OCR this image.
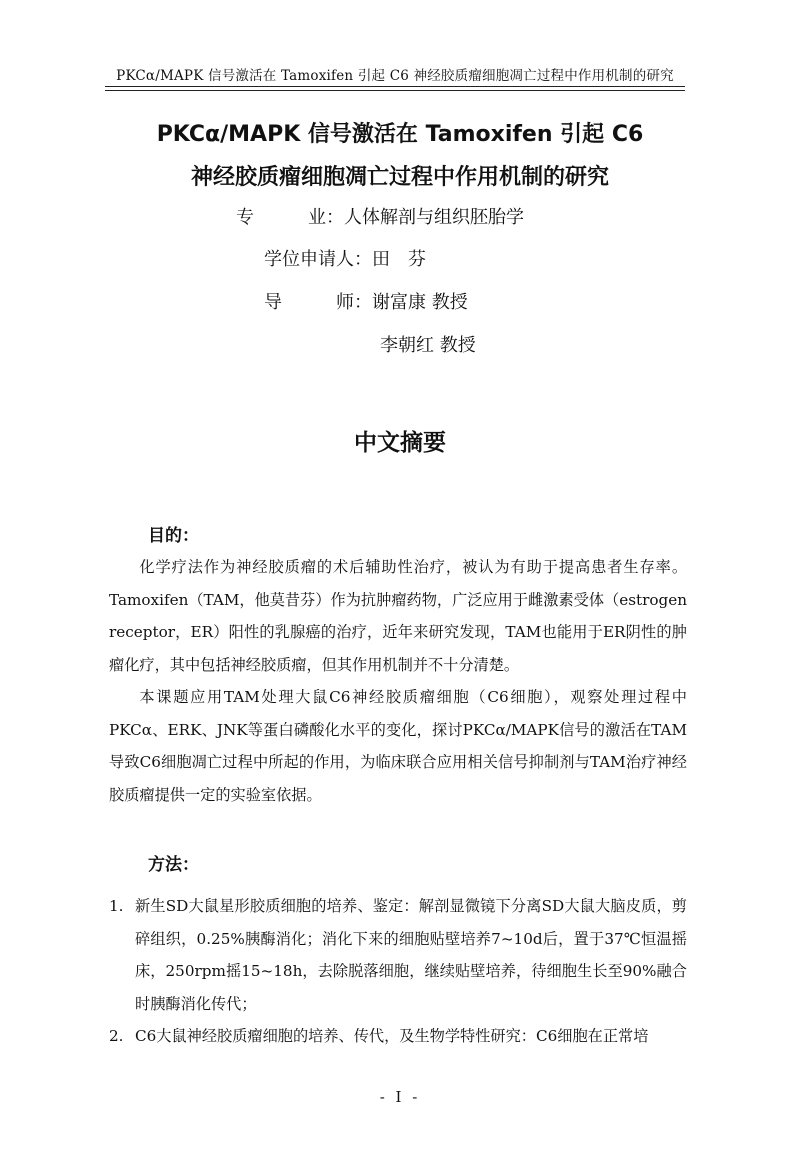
PKCα/MAPK 信号激活在 Tamoxifen 引起 C6 神经胶质瘤细胞凋亡过程中作用机制的研究
PKCα/MAPK 信号激活在 Tamoxifen 引起 C6
神经胶质瘤细胞凋亡过程中作用机制的研究
专　　　业：人体解剖与组织胚胎学
学位申请人：田　芬
导　　　师：谢富康 教授
李朝红 教授
中文摘要
目的：

化学疗法作为神经胶质瘤的术后辅助性治疗，被认为有助于提高患者生存率。Tamoxifen（TAM，他莫昔芬）作为抗肿瘤药物，广泛应用于雌激素受体（estrogen receptor，ER）阳性的乳腺癌的治疗，近年来研究发现，TAM也能用于ER阴性的肿瘤化疗，其中包括神经胶质瘤，但其作用机制并不十分清楚。

本课题应用TAM处理大鼠C6神经胶质瘤细胞（C6细胞），观察处理过程中PKCα、ERK、JNK等蛋白磷酸化水平的变化，探讨PKCα/MAPK信号的激活在TAM导致C6细胞凋亡过程中所起的作用，为临床联合应用相关信号抑制剂与TAM治疗神经胶质瘤提供一定的实验室依据。

方法：
1. 新生SD大鼠星形胶质细胞的培养、鉴定：解剖显微镜下分离SD大鼠大脑皮质，剪碎组织，0.25%胰酶消化；消化下来的细胞贴壁培养7~10d后，置于37℃恒温摇床，250rpm摇15~18h，去除脱落细胞，继续贴壁培养，待细胞生长至90%融合时胰酶消化传代；
2. C6大鼠神经胶质瘤细胞的培养、传代，及生物学特性研究：C6细胞在正常培
- I -
